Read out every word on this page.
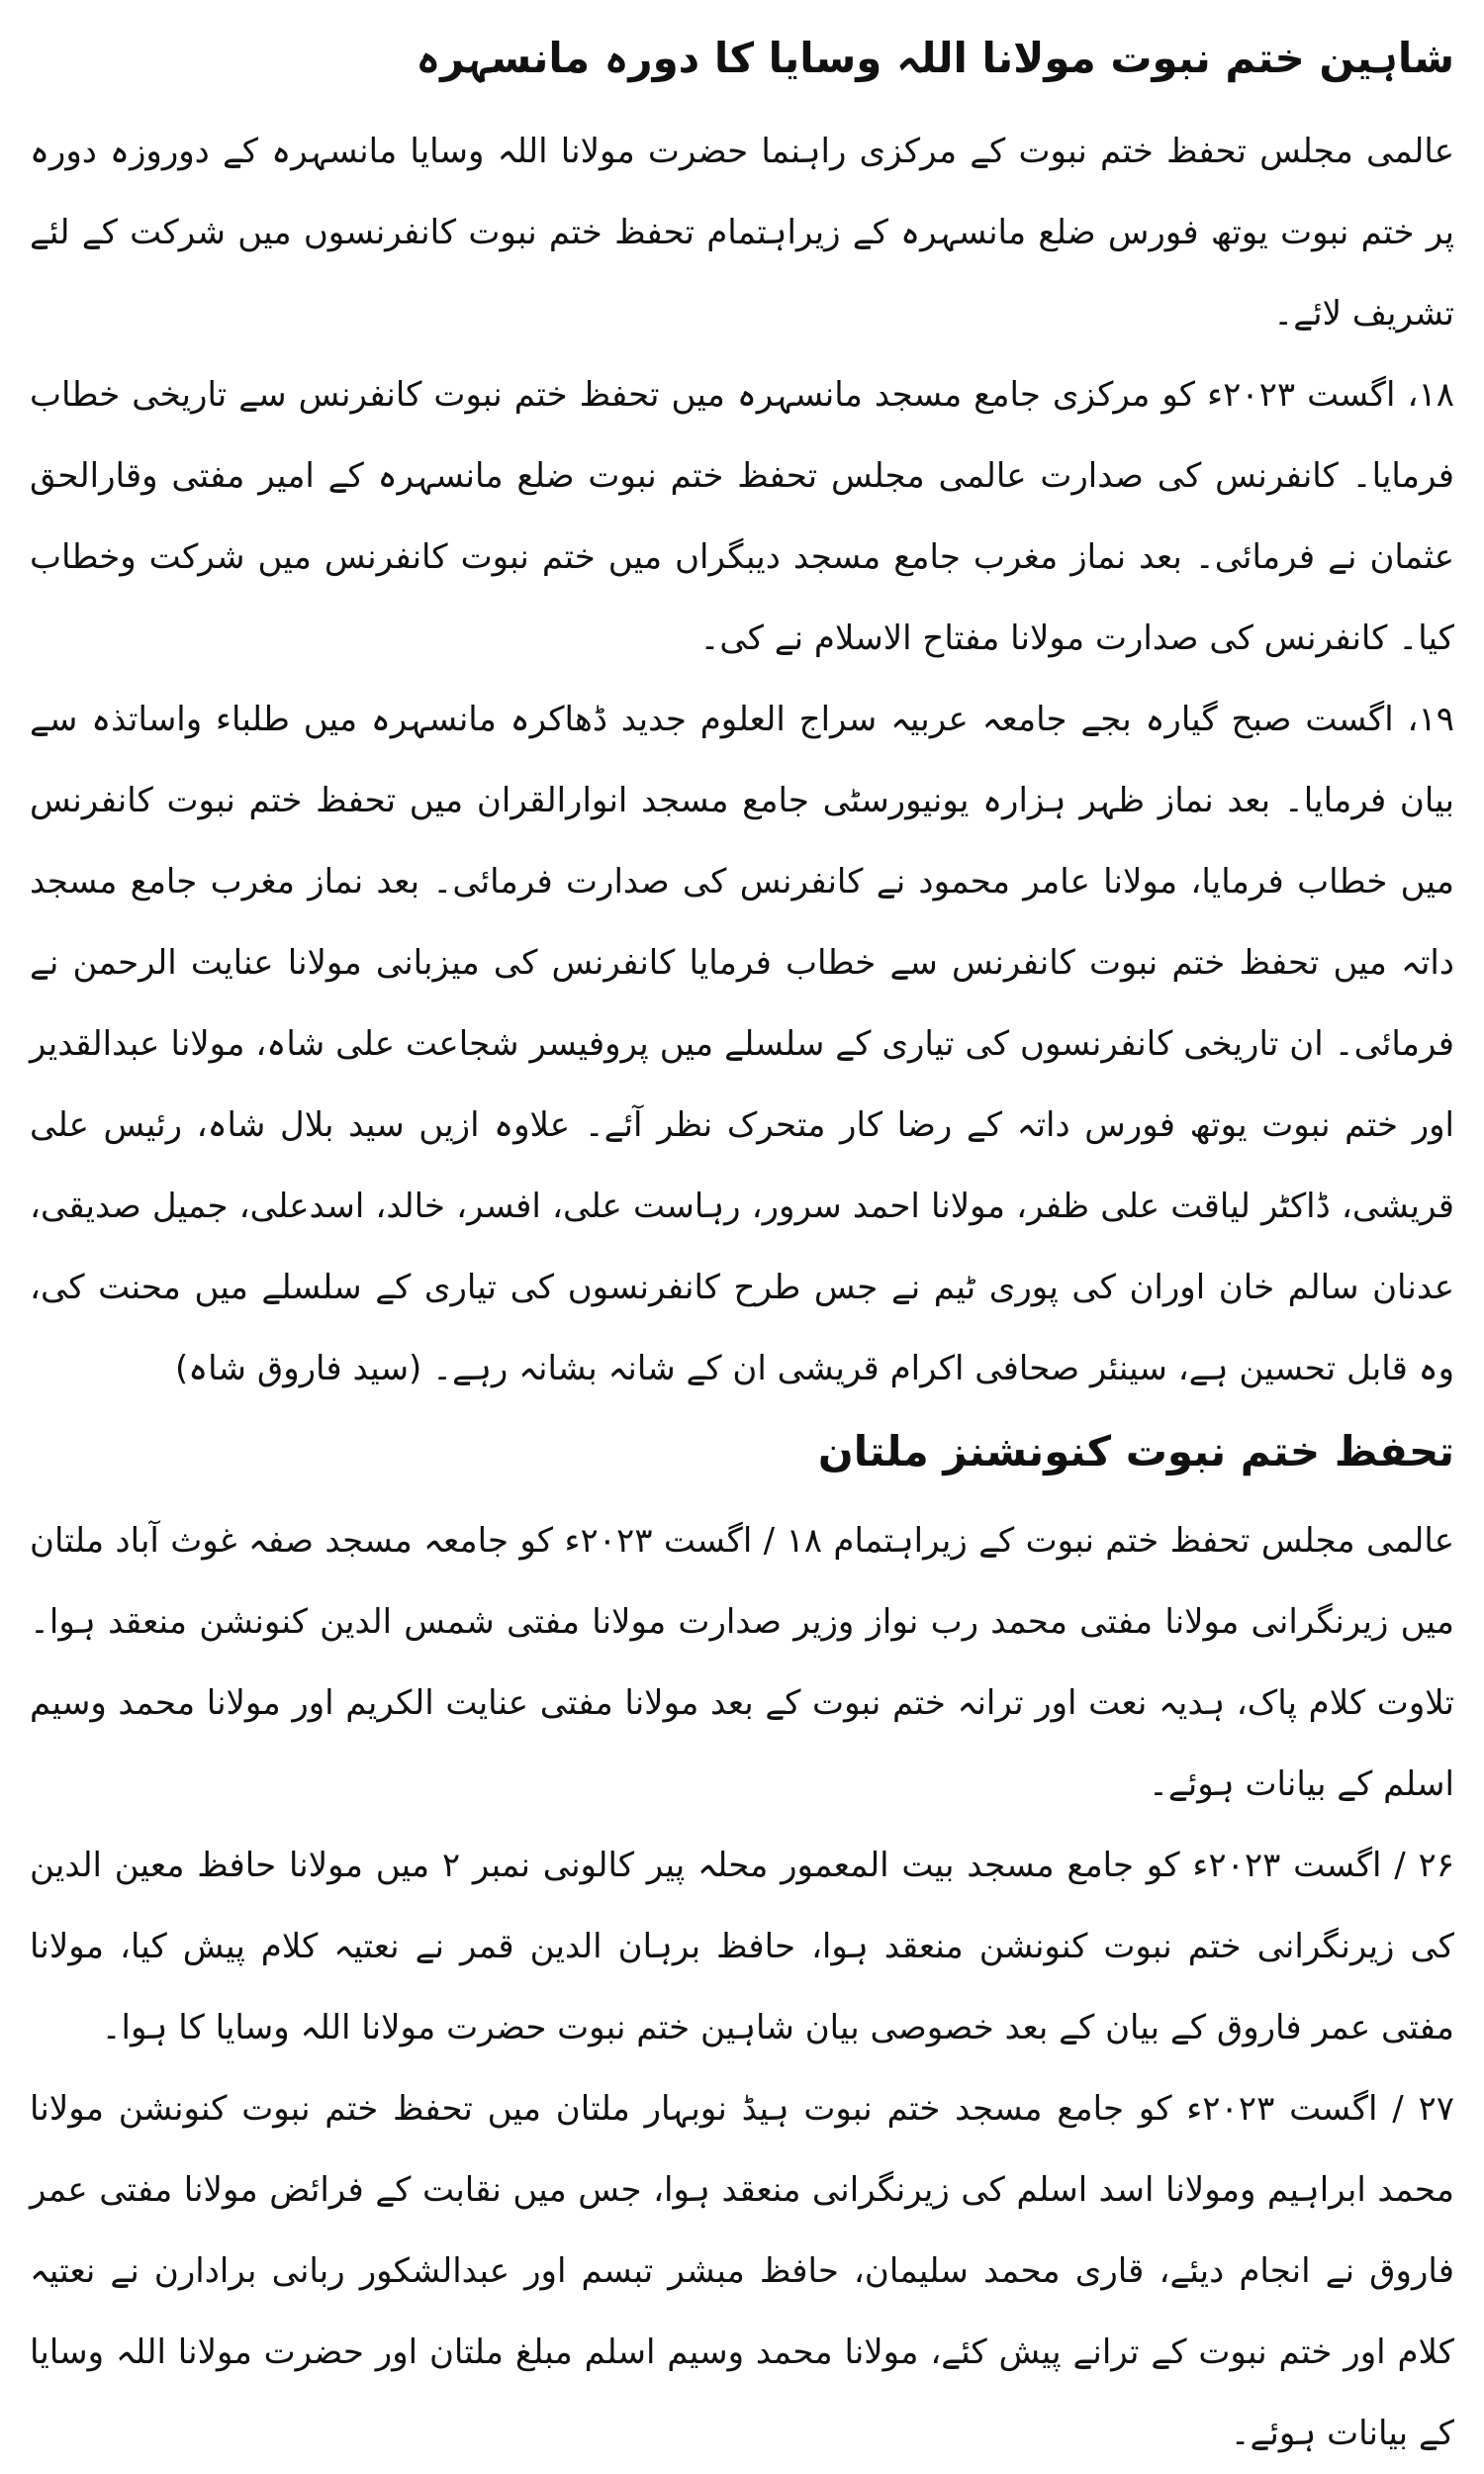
شاہین ختم نبوت مولانا اللہ وسایا کا دورہ مانسہرہ

عالمی مجلس تحفظ ختم نبوت کے مرکزی راہنما حضرت مولانا اللہ وسایا مانسہرہ کے دوروزہ دورہ پر ختم نبوت یوتھ فورس ضلع مانسہرہ کے زیراہتمام تحفظ ختم نبوت کانفرنسوں میں شرکت کے لئے تشریف لائے۔

۱۸، اگست ۲۰۲۳ء کو مرکزی جامع مسجد مانسہرہ میں تحفظ ختم نبوت کانفرنس سے تاریخی خطاب فرمایا۔ کانفرنس کی صدارت عالمی مجلس تحفظ ختم نبوت ضلع مانسہرہ کے امیر مفتی وقارالحق عثمان نے فرمائی۔ بعد نماز مغرب جامع مسجد دیبگراں میں ختم نبوت کانفرنس میں شرکت وخطاب کیا۔ کانفرنس کی صدارت مولانا مفتاح الاسلام نے کی۔

۱۹، اگست صبح گیارہ بجے جامعہ عربیہ سراج العلوم جدید ڈھاکرہ مانسہرہ میں طلباء واساتذہ سے بیان فرمایا۔ بعد نماز ظہر ہزارہ یونیورسٹی جامع مسجد انوارالقران میں تحفظ ختم نبوت کانفرنس میں خطاب فرمایا، مولانا عامر محمود نے کانفرنس کی صدارت فرمائی۔ بعد نماز مغرب جامع مسجد داتہ میں تحفظ ختم نبوت کانفرنس سے خطاب فرمایا کانفرنس کی میزبانی مولانا عنایت الرحمن نے فرمائی۔ ان تاریخی کانفرنسوں کی تیاری کے سلسلے میں پروفیسر شجاعت علی شاہ، مولانا عبدالقدیر اور ختم نبوت یوتھ فورس داتہ کے رضا کار متحرک نظر آئے۔ علاوہ ازیں سید بلال شاہ، رئیس علی قریشی، ڈاکٹر لیاقت علی ظفر، مولانا احمد سرور، رہاست علی، افسر، خالد، اسدعلی، جمیل صدیقی، عدنان سالم خان اوران کی پوری ٹیم نے جس طرح کانفرنسوں کی تیاری کے سلسلے میں محنت کی، وہ قابل تحسین ہے، سینئر صحافی اکرام قریشی ان کے شانہ بشانہ رہے۔ (سید فاروق شاہ)

تحفظ ختم نبوت کنونشنز ملتان

عالمی مجلس تحفظ ختم نبوت کے زیراہتمام ۱۸ / اگست ۲۰۲۳ء کو جامعہ مسجد صفہ غوث آباد ملتان میں زیرنگرانی مولانا مفتی محمد رب نواز وزیر صدارت مولانا مفتی شمس الدین کنونشن منعقد ہوا۔ تلاوت کلام پاک، ہدیہ نعت اور ترانہ ختم نبوت کے بعد مولانا مفتی عنایت الکریم اور مولانا محمد وسیم اسلم کے بیانات ہوئے۔

۲۶ / اگست ۲۰۲۳ء کو جامع مسجد بیت المعمور محلہ پیر کالونی نمبر ۲ میں مولانا حافظ معین الدین کی زیرنگرانی ختم نبوت کنونشن منعقد ہوا، حافظ برہان الدین قمر نے نعتیہ کلام پیش کیا، مولانا مفتی عمر فاروق کے بیان کے بعد خصوصی بیان شاہین ختم نبوت حضرت مولانا اللہ وسایا کا ہوا۔

۲۷ / اگست ۲۰۲۳ء کو جامع مسجد ختم نبوت ہیڈ نوبہار ملتان میں تحفظ ختم نبوت کنونشن مولانا محمد ابراہیم ومولانا اسد اسلم کی زیرنگرانی منعقد ہوا، جس میں نقابت کے فرائض مولانا مفتی عمر فاروق نے انجام دیئے، قاری محمد سلیمان، حافظ مبشر تبسم اور عبدالشکور ربانی برادارن نے نعتیہ کلام اور ختم نبوت کے ترانے پیش کئے، مولانا محمد وسیم اسلم مبلغ ملتان اور حضرت مولانا اللہ وسایا کے بیانات ہوئے۔
